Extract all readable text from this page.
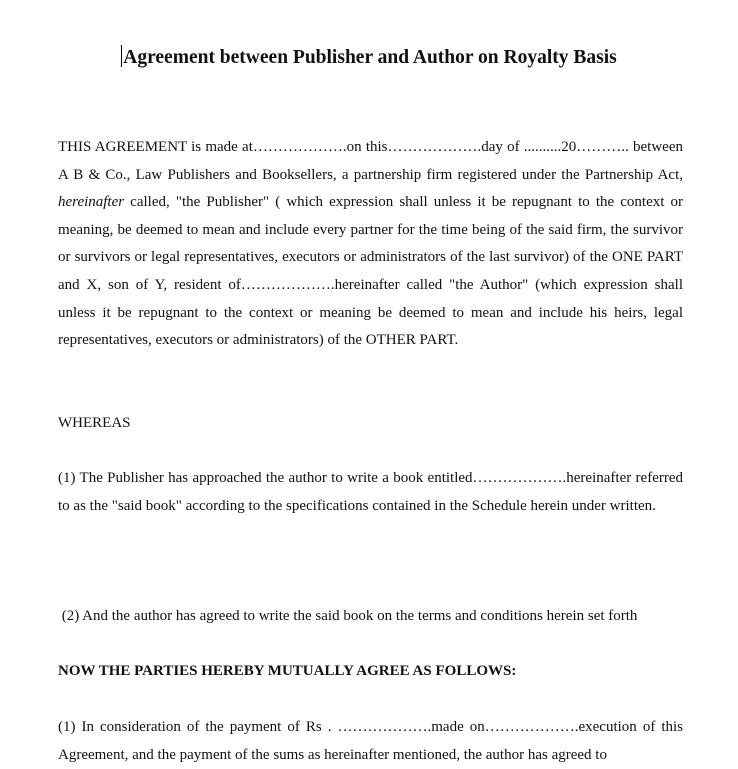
Agreement between Publisher and Author on Royalty Basis

THIS AGREEMENT is made at……………….on this……………….day of ..........20……….. between A B & Co., Law Publishers and Booksellers, a partnership firm registered under the Partnership Act, hereinafter called, "the Publisher" ( which expression shall unless it be repugnant to the context or meaning, be deemed to mean and include every partner for the time being of the said firm, the survivor or survivors or legal representatives, executors or administrators of the last survivor) of the ONE PART and X, son of Y, resident of……………….hereinafter called "the Author" (which expression shall unless it be repugnant to the context or meaning be deemed to mean and include his heirs, legal representatives, executors or administrators) of the OTHER PART.

WHEREAS

(1) The Publisher has approached the author to write a book entitled……………….hereinafter referred to as the "said book" according to the specifications contained in the Schedule herein under written.

(2) And the author has agreed to write the said book on the terms and conditions herein set forth

NOW THE PARTIES HEREBY MUTUALLY AGREE AS FOLLOWS:

(1) In consideration of the payment of Rs . ……………….made on……………….execution of this Agreement, and the payment of the sums as hereinafter mentioned, the author has agreed to
